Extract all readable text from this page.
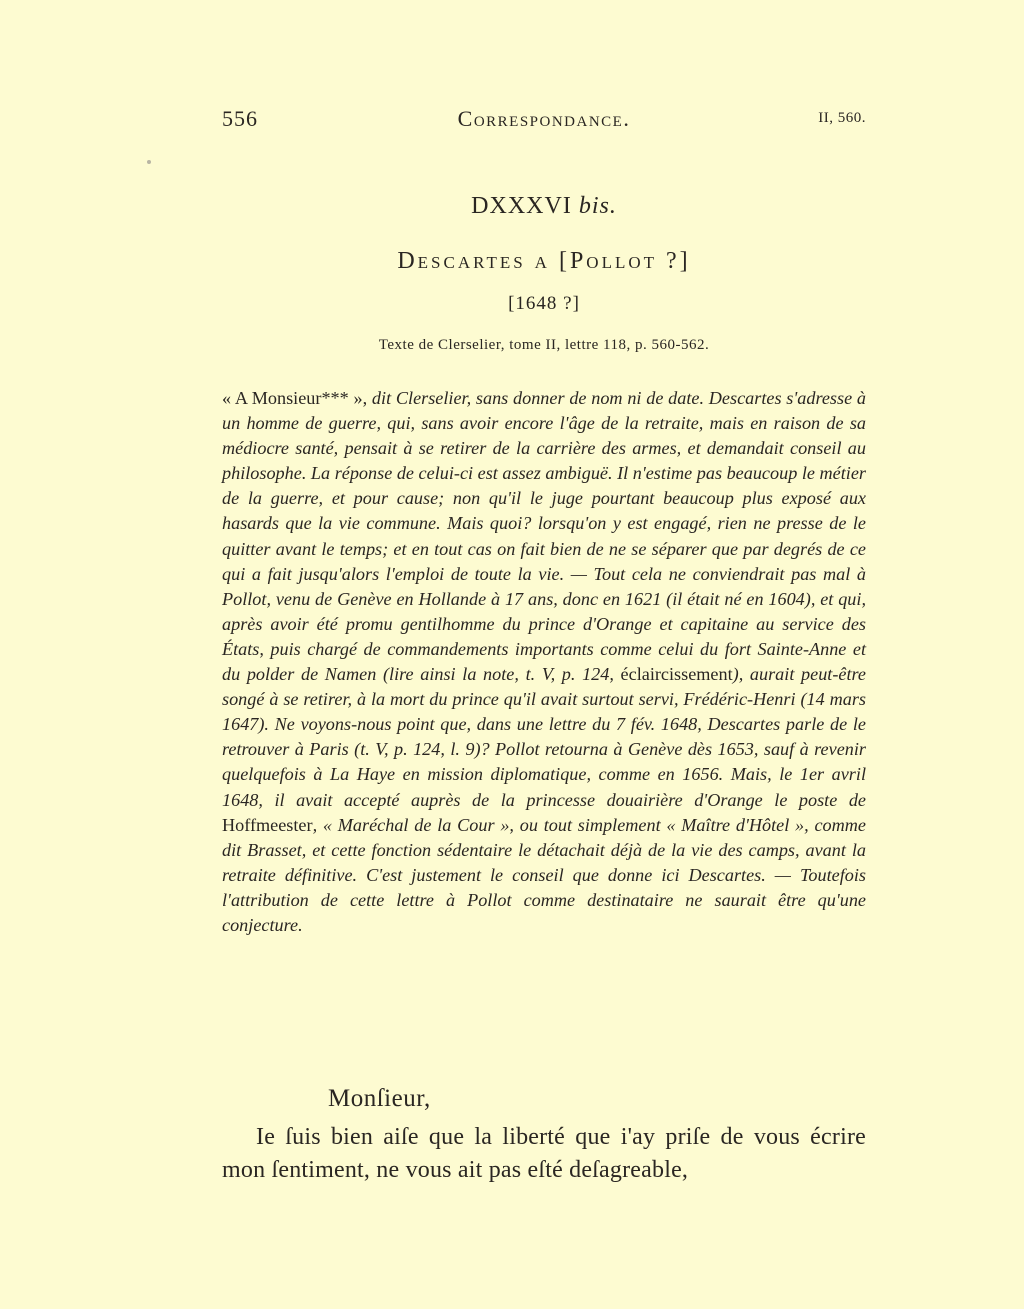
556	Correspondance.	II, 560.
DXXXVI bis.
Descartes a [Pollot ?]
[1648 ?]
Texte de Clerselier, tome II, lettre 118, p. 560-562.

« A Monsieur*** », dit Clerselier, sans donner de nom ni de date. Descartes s'adresse à un homme de guerre, qui, sans avoir encore l'âge de la retraite, mais en raison de sa médiocre santé, pensait à se retirer de la carrière des armes, et demandait conseil au philosophe. La réponse de celui-ci est assez ambiguë. Il n'estime pas beaucoup le métier de la guerre, et pour cause; non qu'il le juge pourtant beaucoup plus exposé aux hasards que la vie commune. Mais quoi? lorsqu'on y est engagé, rien ne presse de le quitter avant le temps; et en tout cas on fait bien de ne se séparer que par degrés de ce qui a fait jusqu'alors l'emploi de toute la vie. — Tout cela ne conviendrait pas mal à Pollot, venu de Genève en Hollande à 17 ans, donc en 1621 (il était né en 1604), et qui, après avoir été promu gentilhomme du prince d'Orange et capitaine au service des États, puis chargé de commandements importants comme celui du fort Sainte-Anne et du polder de Namen (lire ainsi la note, t. V, p. 124, éclaircissement), aurait peut-être songé à se retirer, à la mort du prince qu'il avait surtout servi, Frédéric-Henri (14 mars 1647). Ne voyons-nous point que, dans une lettre du 7 fév. 1648, Descartes parle de le retrouver à Paris (t. V, p. 124, l. 9)? Pollot retourna à Genève dès 1653, sauf à revenir quelquefois à La Haye en mission diplomatique, comme en 1656. Mais, le 1er avril 1648, il avait accepté auprès de la princesse douairière d'Orange le poste de Hoffmeester, « Maréchal de la Cour », ou tout simplement « Maître d'Hôtel », comme dit Brasset, et cette fonction sédentaire le détachait déjà de la vie des camps, avant la retraite définitive. C'est justement le conseil que donne ici Descartes. — Toutefois l'attribution de cette lettre à Pollot comme destinataire ne saurait être qu'une conjecture.

Monſieur,

Ie ſuis bien aiſe que la liberté que i'ay priſe de vous écrire mon ſentiment, ne vous ait pas eſté deſagreable,
